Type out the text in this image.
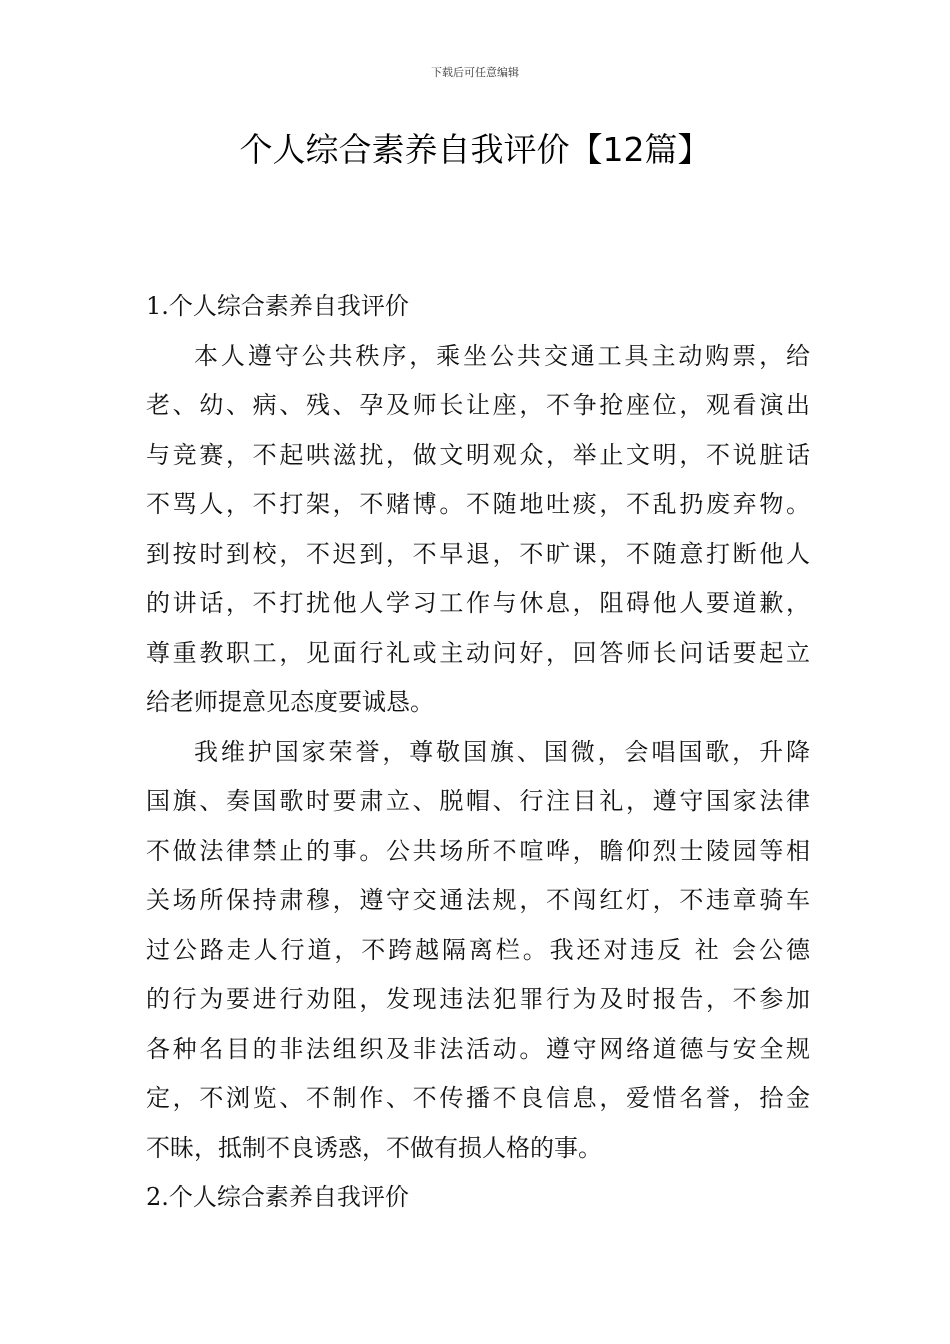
下载后可任意编辑
个人综合素养自我评价【12篇】
1.个人综合素养自我评价
本人遵守公共秩序，乘坐公共交通工具主动购票，给
老、幼、病、残、孕及师长让座，不争抢座位，观看演出
与竞赛，不起哄滋扰，做文明观众，举止文明，不说脏话
不骂人，不打架，不赌博。不随地吐痰，不乱扔废弃物。
到按时到校，不迟到，不早退，不旷课，不随意打断他人
的讲话，不打扰他人学习工作与休息，阻碍他人要道歉，
尊重教职工，见面行礼或主动问好，回答师长问话要起立
给老师提意见态度要诚恳。
我维护国家荣誉，尊敬国旗、国微，会唱国歌，升降
国旗、奏国歌时要肃立、脱帽、行注目礼，遵守国家法律
不做法律禁止的事。公共场所不喧哗，瞻仰烈士陵园等相
关场所保持肃穆，遵守交通法规，不闯红灯，不违章骑车
过公路走人行道，不跨越隔离栏。我还对违反 社 会公德
的行为要进行劝阻，发现违法犯罪行为及时报告，不参加
各种名目的非法组织及非法活动。遵守网络道德与安全规
定，不浏览、不制作、不传播不良信息，爱惜名誉，拾金
不昧，抵制不良诱惑，不做有损人格的事。
2.个人综合素养自我评价
